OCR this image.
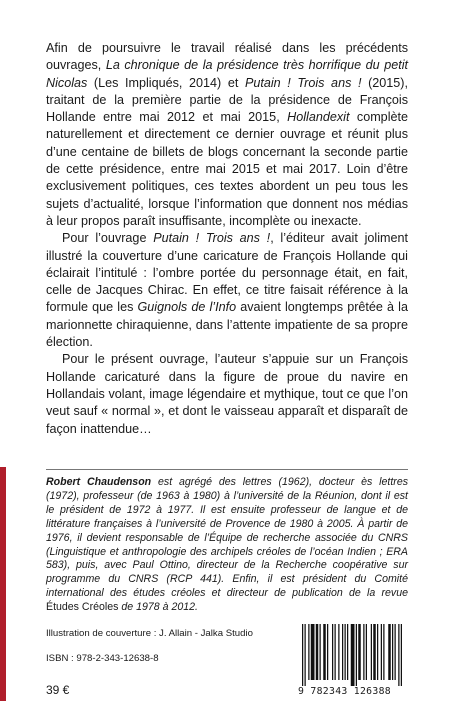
Afin de poursuivre le travail réalisé dans les précédents ouvrages, La chronique de la présidence très horrifique du petit Nicolas (Les Impliqués, 2014) et Putain ! Trois ans ! (2015), traitant de la première partie de la présidence de François Hollande entre mai 2012 et mai 2015, Hollandexit complète naturellement et directement ce dernier ouvrage et réunit plus d’une centaine de billets de blogs concernant la seconde partie de cette présidence, entre mai 2015 et mai 2017. Loin d’être exclusivement politiques, ces textes abordent un peu tous les sujets d’actualité, lorsque l’information que donnent nos médias à leur propos paraît insuffisante, incomplète ou inexacte.

Pour l’ouvrage Putain ! Trois ans !, l’éditeur avait joliment illustré la couverture d’une caricature de François Hollande qui éclairait l’intitulé : l’ombre portée du personnage était, en fait, celle de Jacques Chirac. En effet, ce titre faisait référence à la formule que les Guignols de l’Info avaient longtemps prêtée à la marionnette chiraquienne, dans l’attente impatiente de sa propre élection.

Pour le présent ouvrage, l’auteur s’appuie sur un François Hollande caricaturé dans la figure de proue du navire en Hollandais volant, image légendaire et mythique, tout ce que l’on veut sauf « normal », et dont le vaisseau apparaît et disparaît de façon inattendue…

Robert Chaudenson est agrégé des lettres (1962), docteur ès lettres (1972), professeur (de 1963 à 1980) à l’université de la Réunion, dont il est le président de 1972 à 1977. Il est ensuite professeur de langue et de littérature françaises à l’université de Provence de 1980 à 2005. À partir de 1976, il devient responsable de l’Équipe de recherche associée du CNRS (Linguistique et anthropologie des archipels créoles de l’océan Indien ; ERA 583), puis, avec Paul Ottino, directeur de la Recherche coopérative sur programme du CNRS (RCP 441). Enfin, il est président du Comité international des études créoles et directeur de publication de la revue Études Créoles de 1978 à 2012.
Illustration de couverture : J. Allain - Jalka Studio
ISBN : 978-2-343-12638-8
39 €	9 782343 126388
